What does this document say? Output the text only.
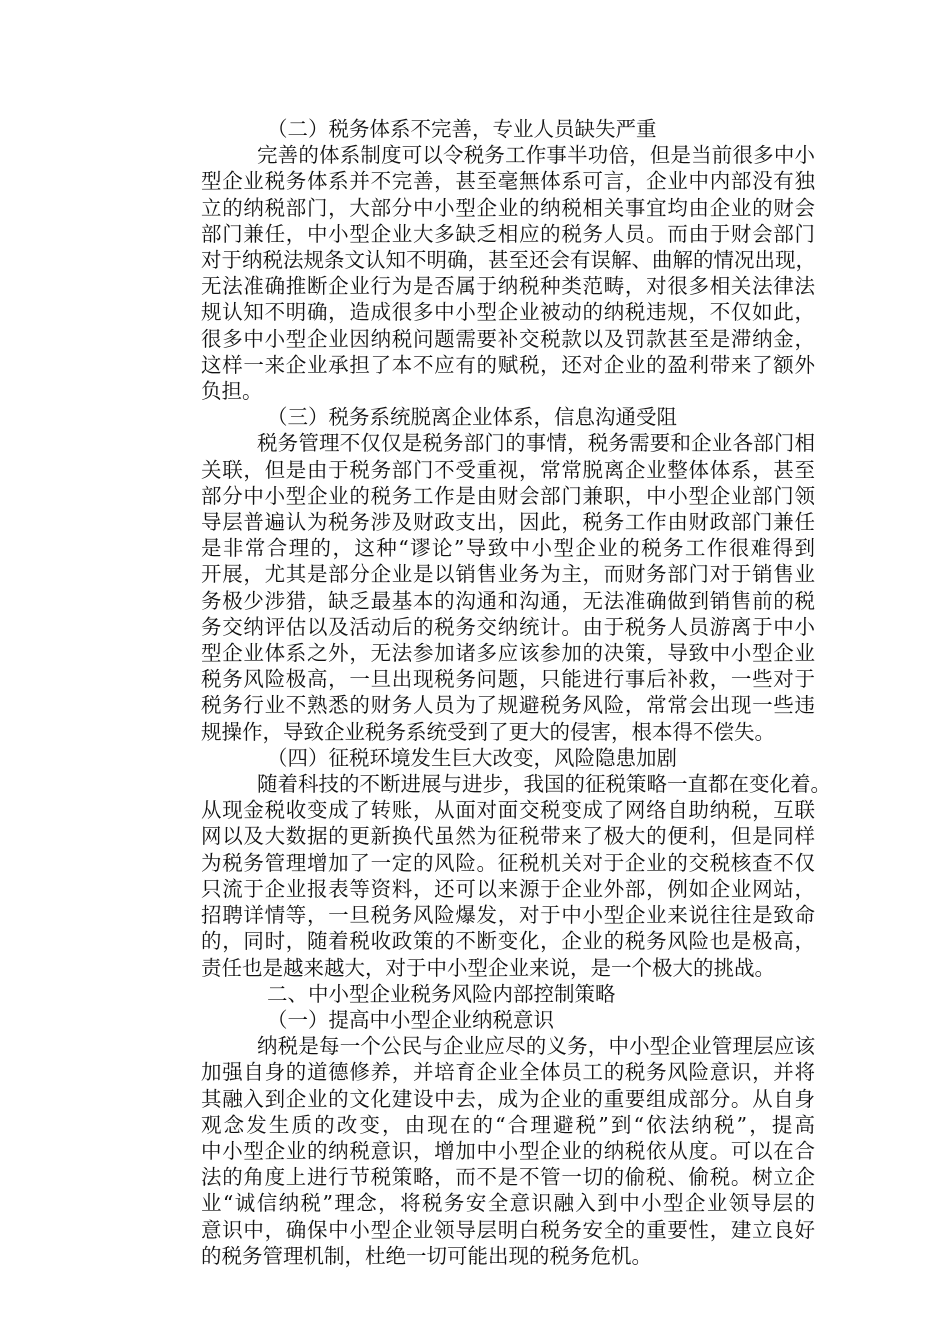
（二）税务体系不完善，专业人员缺失严重
完善的体系制度可以令税务工作事半功倍，但是当前很多中小
型企业税务体系并不完善，甚至毫無体系可言，企业中内部没有独
立的纳税部门，大部分中小型企业的纳税相关事宜均由企业的财会
部门兼任，中小型企业大多缺乏相应的税务人员。而由于财会部门
对于纳税法规条文认知不明确，甚至还会有误解、曲解的情况出现，
无法准确推断企业行为是否属于纳税种类范畴，对很多相关法律法
规认知不明确，造成很多中小型企业被动的纳税违规，不仅如此，
很多中小型企业因纳税问题需要补交税款以及罚款甚至是滞纳金，
这样一来企业承担了本不应有的赋税，还对企业的盈利带来了额外
负担。
（三）税务系统脱离企业体系，信息沟通受阻
税务管理不仅仅是税务部门的事情，税务需要和企业各部门相
关联，但是由于税务部门不受重视，常常脱离企业整体体系，甚至
部分中小型企业的税务工作是由财会部门兼职，中小型企业部门领
导层普遍认为税务涉及财政支出，因此，税务工作由财政部门兼任
是非常合理的，这种“谬论”导致中小型企业的税务工作很难得到
开展，尤其是部分企业是以销售业务为主，而财务部门对于销售业
务极少涉猎，缺乏最基本的沟通和沟通，无法准确做到销售前的税
务交纳评估以及活动后的税务交纳统计。由于税务人员游离于中小
型企业体系之外，无法参加诸多应该参加的决策，导致中小型企业
税务风险极高，一旦出现税务问题，只能进行事后补救，一些对于
税务行业不熟悉的财务人员为了规避税务风险，常常会出现一些违
规操作，导致企业税务系统受到了更大的侵害，根本得不偿失。
（四）征税环境发生巨大改变，风险隐患加剧
随着科技的不断进展与进步，我国的征税策略一直都在变化着。
从现金税收变成了转账，从面对面交税变成了网络自助纳税，互联
网以及大数据的更新换代虽然为征税带来了极大的便利，但是同样
为税务管理增加了一定的风险。征税机关对于企业的交税核查不仅
只流于企业报表等资料，还可以来源于企业外部，例如企业网站，
招聘详情等，一旦税务风险爆发，对于中小型企业来说往往是致命
的，同时，随着税收政策的不断变化，企业的税务风险也是极高，
责任也是越来越大，对于中小型企业来说，是一个极大的挑战。
二、中小型企业税务风险内部控制策略
（一）提高中小型企业纳税意识
纳税是每一个公民与企业应尽的义务，中小型企业管理层应该
加强自身的道德修养，并培育企业全体员工的税务风险意识，并将
其融入到企业的文化建设中去，成为企业的重要组成部分。从自身
观念发生质的改变，由现在的“合理避税”到“依法纳税”，提高
中小型企业的纳税意识，增加中小型企业的纳税依从度。可以在合
法的角度上进行节税策略，而不是不管一切的偷税、偷税。树立企
业“诚信纳税”理念，将税务安全意识融入到中小型企业领导层的
意识中，确保中小型企业领导层明白税务安全的重要性，建立良好
的税务管理机制，杜绝一切可能出现的税务危机。
